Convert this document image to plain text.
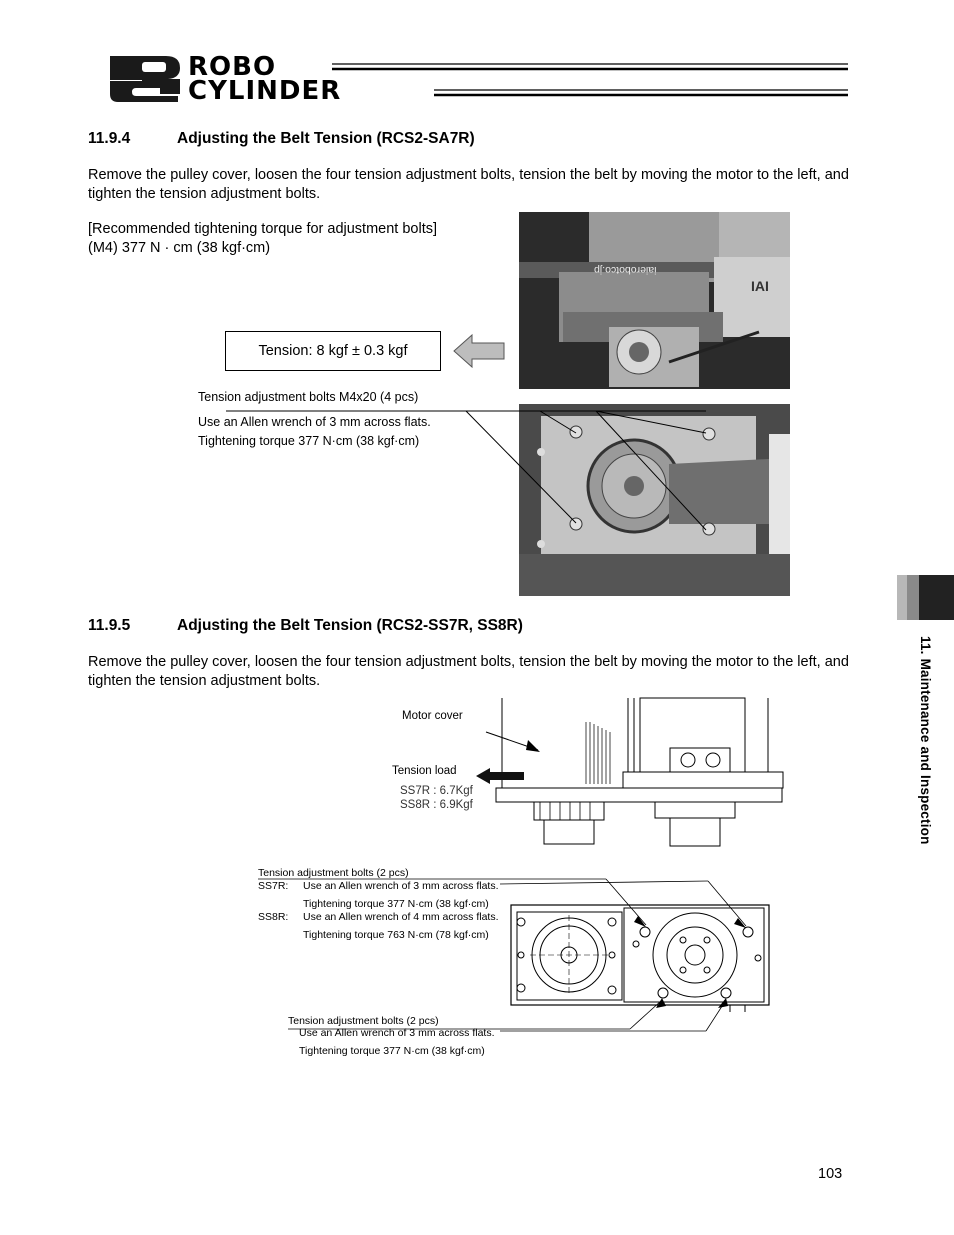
ROBO
CYLINDER
11.9.4	Adjusting the Belt Tension (RCS2-SA7R)
Remove the pulley cover, loosen the four tension adjustment bolts, tension the belt by moving the motor to the left, and tighten the tension adjustment bolts.
[Recommended tightening torque for adjustment bolts]
(M4) 377 N · cm (38 kgf·cm)
iaierobotco.jp
IAI
Tension: 8 kgf ± 0.3 kgf
Tension adjustment bolts M4x20 (4 pcs)
Use an Allen wrench of 3 mm across flats.
Tightening torque 377 N·cm (38 kgf·cm)
11.9.5	Adjusting the Belt Tension (RCS2-SS7R, SS8R)
Remove the pulley cover, loosen the four tension adjustment bolts, tension the belt by moving the motor to the left, and tighten the tension adjustment bolts.
Motor cover
Tension load
SS7R : 6.7Kgf
SS8R : 6.9Kgf
Tension adjustment bolts (2 pcs)
SS7R: Use an Allen wrench of 3 mm across flats.
Tightening torque 377 N·cm (38 kgf·cm)
SS8R: Use an Allen wrench of 4 mm across flats.
Tightening torque 763 N·cm (78 kgf·cm)
Tension adjustment bolts (2 pcs)
Use an Allen wrench of 3 mm across flats.
Tightening torque 377 N·cm (38 kgf·cm)
11. Maintenance and Inspection
103
